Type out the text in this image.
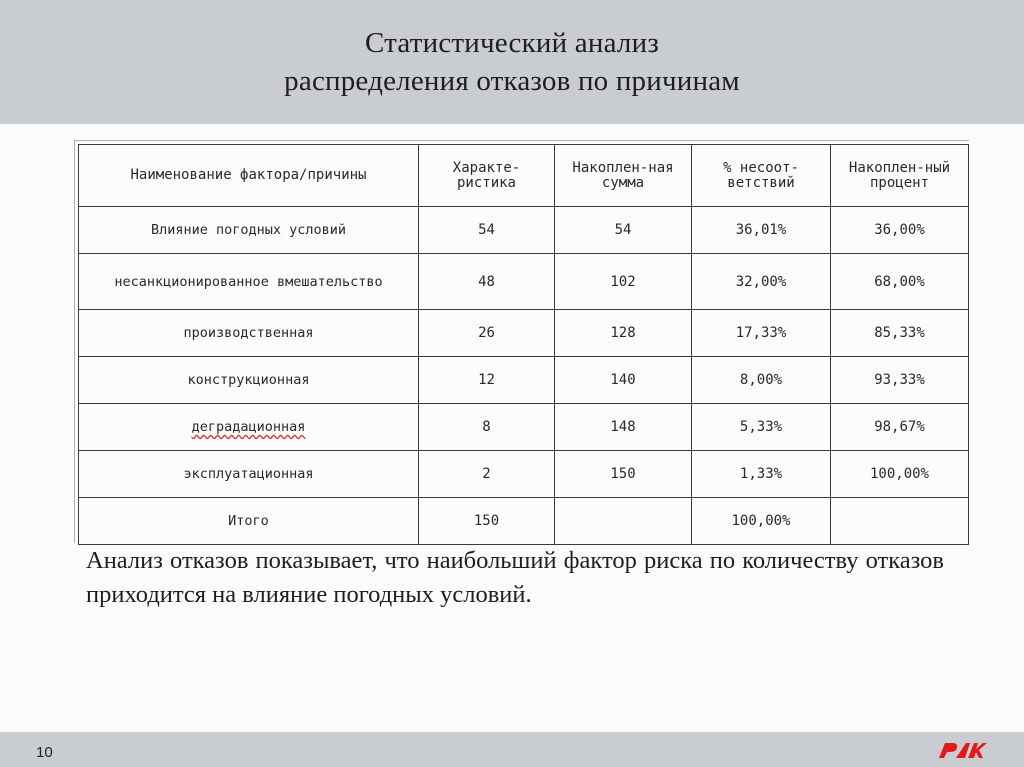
Статистический анализ
распределения отказов по причинам
Наименование фактора/причины	Характе-ристика	Накоплен-ная сумма	% несоот-ветствий	Накоплен-ный процент
Влияние погодных условий	54	54	36,01%	36,00%
несанкционированное вмешательство	48	102	32,00%	68,00%
производственная	26	128	17,33%	85,33%
конструкционная	12	140	8,00%	93,33%
деградационная	8	148	5,33%	98,67%
эксплуатационная	2	150	1,33%	100,00%
Итого	150		100,00%	
Анализ отказов показывает, что наибольший фактор риска по количеству отказов приходится на влияние погодных условий.
10
